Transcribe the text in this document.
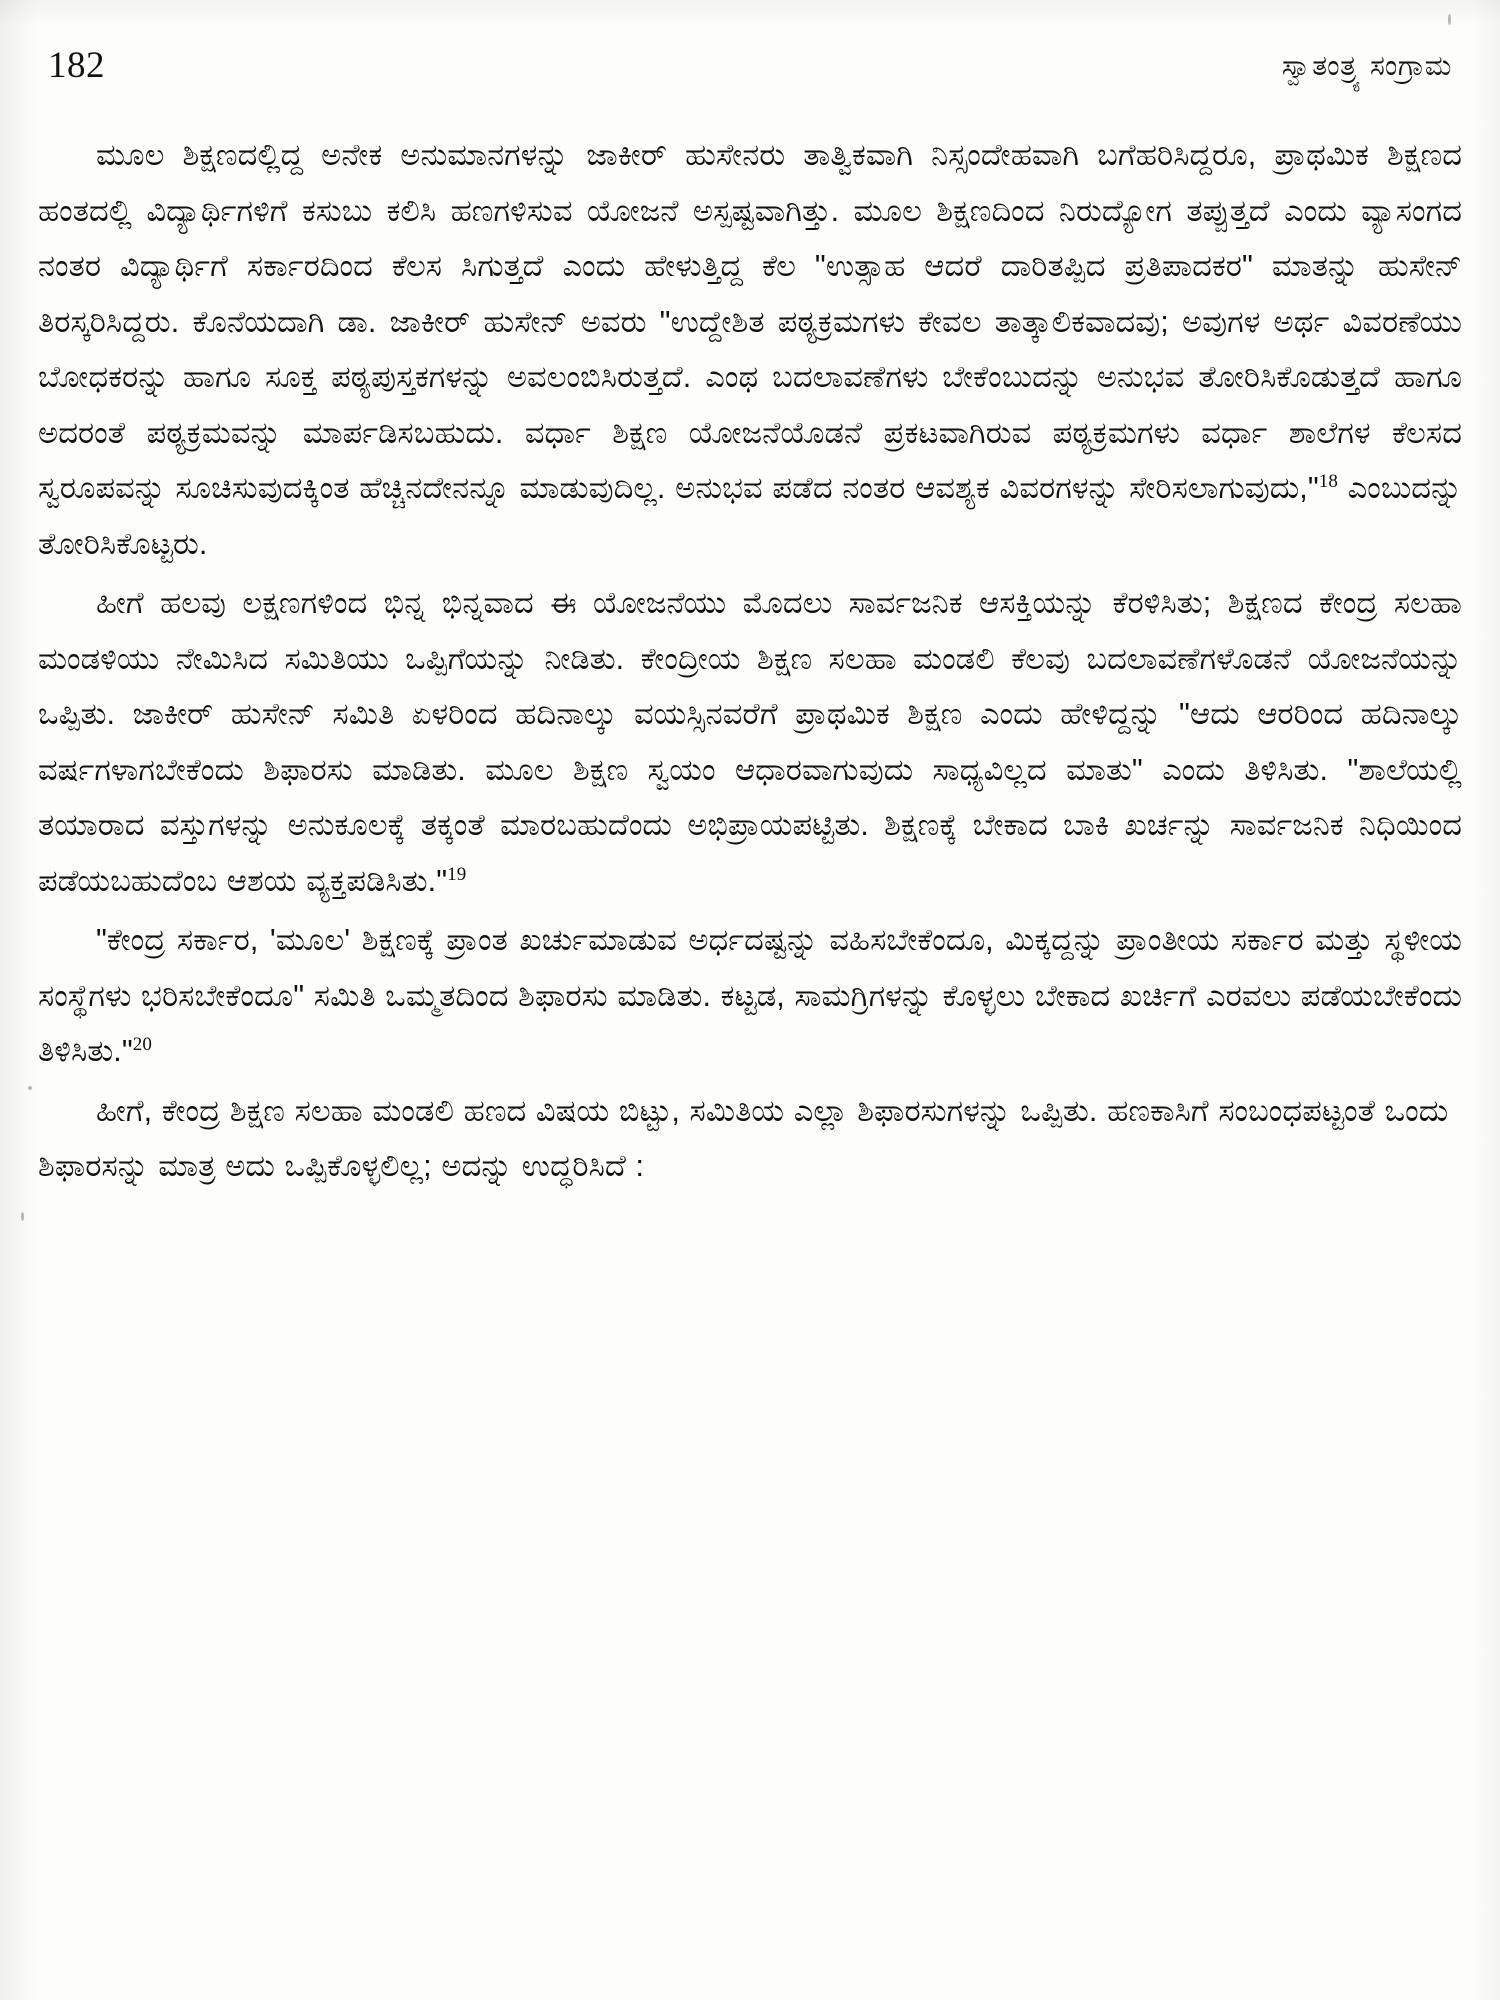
182	ಸ್ವಾತಂತ್ರ್ಯ ಸಂಗ್ರಾಮ

ಮೂಲ ಶಿಕ್ಷಣದಲ್ಲಿದ್ದ ಅನೇಕ ಅನುಮಾನಗಳನ್ನು ಜಾಕೀರ್ ಹುಸೇನರು ತಾತ್ವಿಕವಾಗಿ ನಿಸ್ಸಂದೇಹವಾಗಿ ಬಗೆಹರಿಸಿದ್ದರೂ, ಪ್ರಾಥಮಿಕ ಶಿಕ್ಷಣದ ಹಂತದಲ್ಲಿ ವಿದ್ಯಾರ್ಥಿಗಳಿಗೆ ಕಸುಬು ಕಲಿಸಿ ಹಣಗಳಿಸುವ ಯೋಜನೆ ಅಸ್ಪಷ್ಟವಾಗಿತ್ತು. ಮೂಲ ಶಿಕ್ಷಣದಿಂದ ನಿರುದ್ಯೋಗ ತಪ್ಪುತ್ತದೆ ಎಂದು ವ್ಯಾಸಂಗದ ನಂತರ ವಿದ್ಯಾರ್ಥಿಗೆ ಸರ್ಕಾರದಿಂದ ಕೆಲಸ ಸಿಗುತ್ತದೆ ಎಂದು ಹೇಳುತ್ತಿದ್ದ ಕೆಲ "ಉತ್ಸಾಹ ಆದರೆ ದಾರಿತಪ್ಪಿದ ಪ್ರತಿಪಾದಕರ" ಮಾತನ್ನು ಹುಸೇನ್ ತಿರಸ್ಕರಿಸಿದ್ದರು. ಕೊನೆಯದಾಗಿ ಡಾ. ಜಾಕೀರ್ ಹುಸೇನ್ ಅವರು "ಉದ್ದೇಶಿತ ಪಠ್ಯಕ್ರಮಗಳು ಕೇವಲ ತಾತ್ಕಾಲಿಕವಾದವು; ಅವುಗಳ ಅರ್ಥ ವಿವರಣೆಯು ಬೋಧಕರನ್ನು ಹಾಗೂ ಸೂಕ್ತ ಪಠ್ಯಪುಸ್ತಕಗಳನ್ನು ಅವಲಂಬಿಸಿರುತ್ತದೆ. ಎಂಥ ಬದಲಾವಣೆಗಳು ಬೇಕೆಂಬುದನ್ನು ಅನುಭವ ತೋರಿಸಿಕೊಡುತ್ತದೆ ಹಾಗೂ ಅದರಂತೆ ಪಠ್ಯಕ್ರಮವನ್ನು ಮಾರ್ಪಡಿಸಬಹುದು. ವರ್ಧಾ ಶಿಕ್ಷಣ ಯೋಜನೆಯೊಡನೆ ಪ್ರಕಟವಾಗಿರುವ ಪಠ್ಯಕ್ರಮಗಳು ವರ್ಧಾ ಶಾಲೆಗಳ ಕೆಲಸದ ಸ್ವರೂಪವನ್ನು ಸೂಚಿಸುವುದಕ್ಕಿಂತ ಹೆಚ್ಚಿನದೇನನ್ನೂ ಮಾಡುವುದಿಲ್ಲ. ಅನುಭವ ಪಡೆದ ನಂತರ ಆವಶ್ಯಕ ವಿವರಗಳನ್ನು ಸೇರಿಸಲಾಗುವುದು,"$^{18}$ ಎಂಬುದನ್ನು ತೋರಿಸಿಕೊಟ್ಟರು.

ಹೀಗೆ ಹಲವು ಲಕ್ಷಣಗಳಿಂದ ಭಿನ್ನ ಭಿನ್ನವಾದ ಈ ಯೋಜನೆಯು ಮೊದಲು ಸಾರ್ವಜನಿಕ ಆಸಕ್ತಿಯನ್ನು ಕೆರಳಿಸಿತು; ಶಿಕ್ಷಣದ ಕೇಂದ್ರ ಸಲಹಾ ಮಂಡಳಿಯು ನೇಮಿಸಿದ ಸಮಿತಿಯು ಒಪ್ಪಿಗೆಯನ್ನು ನೀಡಿತು. ಕೇಂದ್ರೀಯ ಶಿಕ್ಷಣ ಸಲಹಾ ಮಂಡಲಿ ಕೆಲವು ಬದಲಾವಣೆಗಳೊಡನೆ ಯೋಜನೆಯನ್ನು ಒಪ್ಪಿತು. ಜಾಕೀರ್ ಹುಸೇನ್ ಸಮಿತಿ ಏಳರಿಂದ ಹದಿನಾಲ್ಕು ವಯಸ್ಸಿನವರೆಗೆ ಪ್ರಾಥಮಿಕ ಶಿಕ್ಷಣ ಎಂದು ಹೇಳಿದ್ದನ್ನು "ಆದು ಆರರಿಂದ ಹದಿನಾಲ್ಕು ವರ್ಷಗಳಾಗಬೇಕೆಂದು ಶಿಫಾರಸು ಮಾಡಿತು. ಮೂಲ ಶಿಕ್ಷಣ ಸ್ವಯಂ ಆಧಾರವಾಗುವುದು ಸಾಧ್ಯವಿಲ್ಲದ ಮಾತು" ಎಂದು ತಿಳಿಸಿತು. "ಶಾಲೆಯಲ್ಲಿ ತಯಾರಾದ ವಸ್ತುಗಳನ್ನು ಅನುಕೂಲಕ್ಕೆ ತಕ್ಕಂತೆ ಮಾರಬಹುದೆಂದು ಅಭಿಪ್ರಾಯಪಟ್ಟಿತು. ಶಿಕ್ಷಣಕ್ಕೆ ಬೇಕಾದ ಬಾಕಿ ಖರ್ಚನ್ನು ಸಾರ್ವಜನಿಕ ನಿಧಿಯಿಂದ ಪಡೆಯಬಹುದೆಂಬ ಆಶಯ ವ್ಯಕ್ತಪಡಿಸಿತು."$^{19}$

"ಕೇಂದ್ರ ಸರ್ಕಾರ, 'ಮೂಲ' ಶಿಕ್ಷಣಕ್ಕೆ ಪ್ರಾಂತ ಖರ್ಚುಮಾಡುವ ಅರ್ಧದಷ್ಟನ್ನು ವಹಿಸಬೇಕೆಂದೂ, ಮಿಕ್ಕದ್ದನ್ನು ಪ್ರಾಂತೀಯ ಸರ್ಕಾರ ಮತ್ತು ಸ್ಥಳೀಯ ಸಂಸ್ಥೆಗಳು ಭರಿಸಬೇಕೆಂದೂ" ಸಮಿತಿ ಒಮ್ಮತದಿಂದ ಶಿಫಾರಸು ಮಾಡಿತು. ಕಟ್ಟಡ, ಸಾಮಗ್ರಿಗಳನ್ನು ಕೊಳ್ಳಲು ಬೇಕಾದ ಖರ್ಚಿಗೆ ಎರವಲು ಪಡೆಯಬೇಕೆಂದು ತಿಳಿಸಿತು."$^{20}$

ಹೀಗೆ, ಕೇಂದ್ರ ಶಿಕ್ಷಣ ಸಲಹಾ ಮಂಡಲಿ ಹಣದ ವಿಷಯ ಬಿಟ್ಟು, ಸಮಿತಿಯ ಎಲ್ಲಾ ಶಿಫಾರಸುಗಳನ್ನು ಒಪ್ಪಿತು. ಹಣಕಾಸಿಗೆ ಸಂಬಂಧಪಟ್ಟಂತೆ ಒಂದು ಶಿಫಾರಸನ್ನು ಮಾತ್ರ ಅದು ಒಪ್ಪಿಕೊಳ್ಳಲಿಲ್ಲ; ಅದನ್ನು ಉದ್ಧರಿಸಿದೆ :
